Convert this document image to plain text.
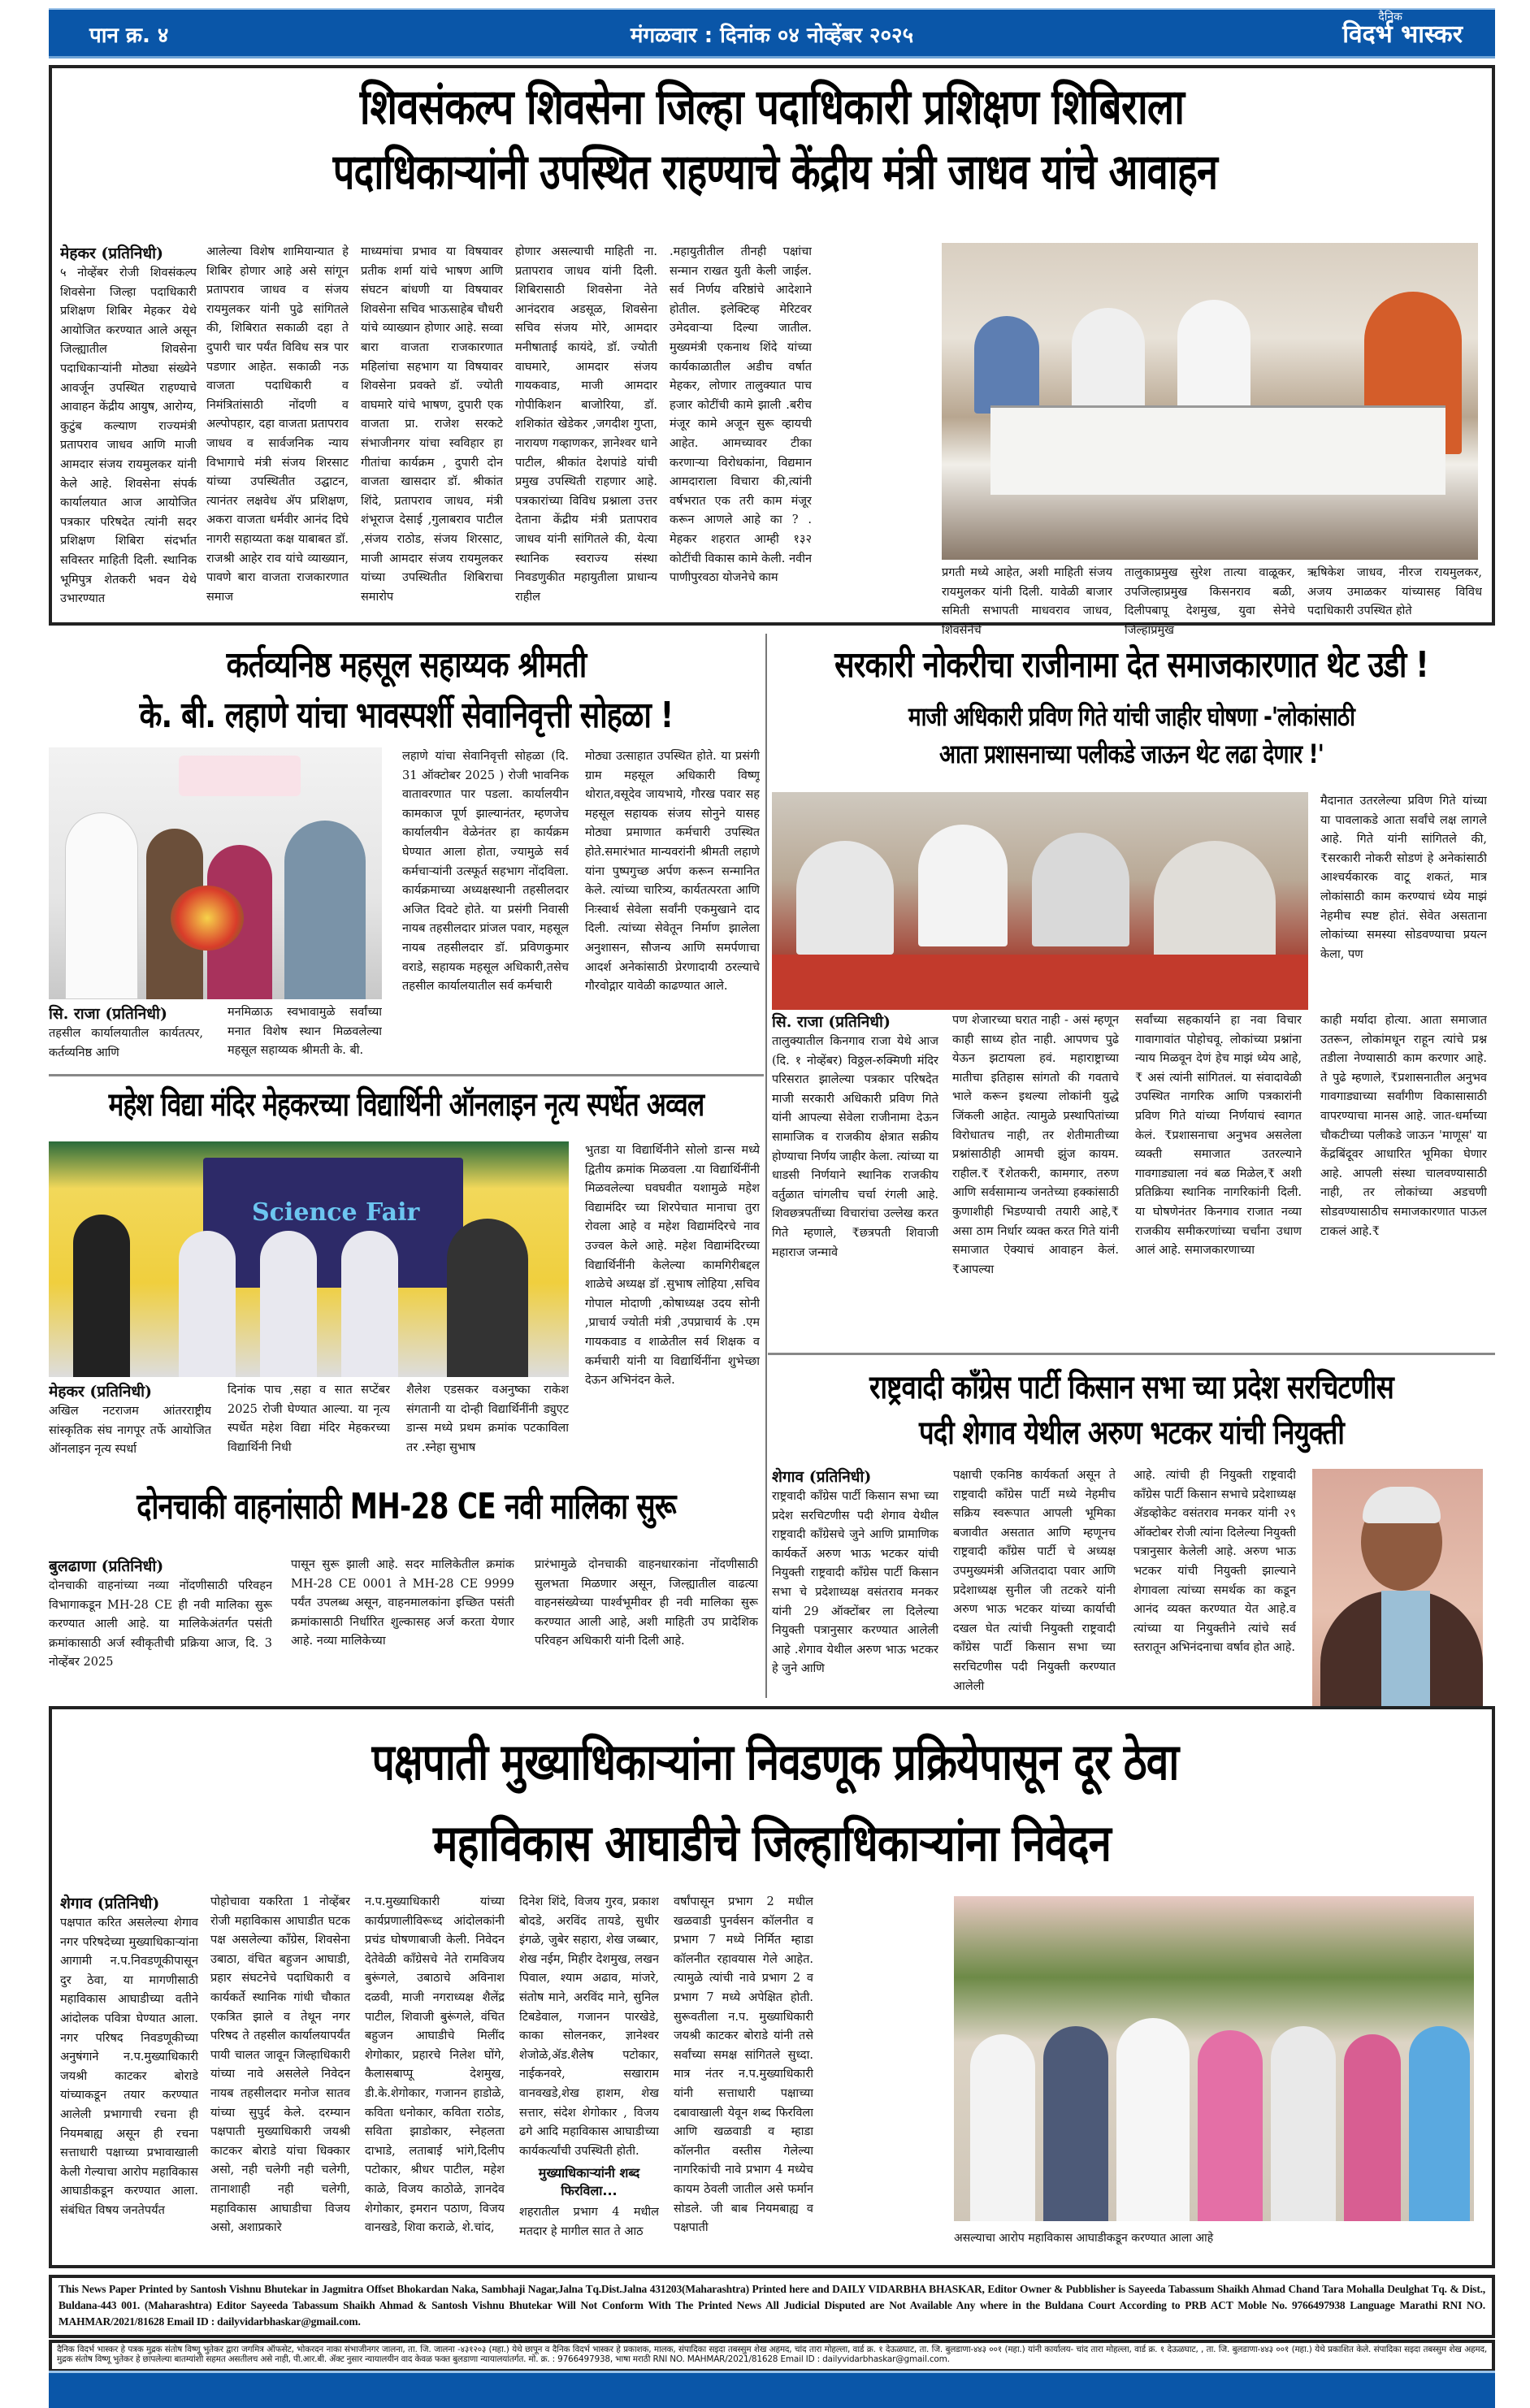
पान क्र. ४	मंगळवार : दिनांक ०४ नोव्हेंबर २०२५
दैनिक
विदर्भ भास्कर
शिवसंकल्प शिवसेना जिल्हा पदाधिकारी प्रशिक्षण शिबिराला
पदाधिकाऱ्यांनी उपस्थित राहण्याचे केंद्रीय मंत्री जाधव यांचे आवाहन
मेहकर (प्रतिनिधी)
५ नोव्हेंबर रोजी शिवसंकल्प शिवसेना जिल्हा पदाधिकारी प्रशिक्षण शिबिर मेहकर येथे आयोजित करण्यात आले असून जिल्ह्यातील शिवसेना पदाधिकाऱ्यांनी मोठ्या संख्येने आवर्जून उपस्थित राहण्याचे आवाहन केंद्रीय आयुष, आरोग्य, कुटुंब कल्याण राज्यमंत्री प्रतापराव जाधव आणि माजी आमदार संजय रायमुलकर यांनी केले आहे. शिवसेना संपर्क कार्यालयात आज आयोजित पत्रकार परिषदेत त्यांनी सदर प्रशिक्षण शिबिरा संदर्भात सविस्तर माहिती दिली. स्थानिक भूमिपुत्र शेतकरी भवन येथे उभारण्यात
आलेल्या विशेष शामियान्यात हे शिबिर होणार आहे असे सांगून प्रतापराव जाधव व संजय रायमुलकर यांनी पुढे सांगितले की, शिबिरात सकाळी दहा ते दुपारी चार पर्यंत विविध सत्र पार पडणार आहेत. सकाळी नऊ वाजता पदाधिकारी व निमंत्रितांसाठी नोंदणी व अल्पोपहार, दहा वाजता प्रतापराव जाधव व सार्वजनिक न्याय विभागाचे मंत्री संजय शिरसाट यांच्या उपस्थितीत उद्घाटन, त्यानंतर लक्षवेध ॲप प्रशिक्षण, अकरा वाजता धर्मवीर आनंद दिघे नागरी सहाय्यता कक्ष याबाबत डॉ. राजश्री आहेर राव यांचे व्याख्यान, पावणे बारा वाजता राजकारणात समाज
माध्यमांचा प्रभाव या विषयावर प्रतीक शर्मा यांचे भाषण आणि संघटन बांधणी या विषयावर शिवसेना सचिव भाऊसाहेब चौधरी यांचे व्याख्यान होणार आहे. सव्वा बारा वाजता राजकारणात महिलांचा सहभाग या विषयावर शिवसेना प्रवक्ते डॉ. ज्योती वाघमारे यांचे भाषण, दुपारी एक वाजता प्रा. राजेश सरकटे संभाजीनगर यांचा स्वविहार हा गीतांचा कार्यक्रम , दुपारी दोन वाजता खासदार डॉ. श्रीकांत शिंदे, प्रतापराव जाधव, मंत्री शंभूराज देसाई ,गुलाबराव पाटील ,संजय राठोड, संजय शिरसाट, माजी आमदार संजय रायमुलकर यांच्या उपस्थितीत शिबिराचा समारोप
होणार असल्याची माहिती ना. प्रतापराव जाधव यांनी दिली. शिबिरासाठी शिवसेना नेते आनंदराव अडसूळ, शिवसेना सचिव संजय मोरे, आमदार मनीषाताई कायंदे, डॉ. ज्योती वाघमारे, आमदार संजय गायकवाड, माजी आमदार गोपीकिशन बाजोरिया, डॉ. शशिकांत खेडेकर ,जगदीश गुप्ता, नारायण गव्हाणकर, ज्ञानेश्वर धाने पाटील, श्रीकांत देशपांडे यांची प्रमुख उपस्थिती राहणार आहे. पत्रकारांच्या विविध प्रश्नाला उत्तर देताना केंद्रीय मंत्री प्रतापराव जाधव यांनी सांगितले की, येत्या स्थानिक स्वराज्य संस्था निवडणुकीत महायुतीला प्राधान्य राहील
.महायुतीतील तीनही पक्षांचा सन्मान राखत युती केली जाईल. सर्व निर्णय वरिष्ठांचे आदेशाने होतील. इलेक्टिव्ह मेरिटवर उमेदवाऱ्या दिल्या जातील. मुख्यमंत्री एकनाथ शिंदे यांच्या कार्यकाळातील अडीच वर्षात मेहकर, लोणार तालुक्यात पाच हजार कोटींची कामे झाली .बरीच मंजूर कामे अजून सुरू व्हायची आहेत. आमच्यावर टीका करणाऱ्या विरोधकांना, विद्यमान आमदाराला विचारा की,त्यांनी वर्षभरात एक तरी काम मंजूर करून आणले आहे का ? . मेहकर शहरात आम्ही १३२ कोटींची विकास कामे केली. नवीन पाणीपुरवठा योजनेचे काम	प्रगती मध्ये आहेत, अशी माहिती संजय रायमुलकर यांनी दिली. यावेळी बाजार समिती सभापती माधवराव जाधव, शिवसेनेचे
तालुकाप्रमुख सुरेश तात्या वाळूकर, उपजिल्हाप्रमुख किसनराव बळी, दिलीपबापू देशमुख, युवा सेनेचे जिल्हाप्रमुख
ऋषिकेश जाधव, नीरज रायमुलकर, अजय उमाळकर यांच्यासह विविध पदाधिकारी उपस्थित होते
कर्तव्यनिष्ठ महसूल सहाय्यक श्रीमती
के. बी. लहाणे यांचा भावस्पर्शी सेवानिवृत्ती सोहळा !
सि. राजा (प्रतिनिधी)
तहसील कार्यालयातील कार्यतत्पर, कर्तव्यनिष्ठ आणि
मनमिळाऊ स्वभावामुळे सर्वांच्या मनात विशेष स्थान मिळवलेल्या महसूल सहाय्यक श्रीमती के. बी.
लहाणे यांचा सेवानिवृत्ती सोहळा (दि. 31 ऑक्टोबर 2025 ) रोजी भावनिक वातावरणात पार पडला. कार्यालयीन कामकाज पूर्ण झाल्यानंतर, म्हणजेच कार्यालयीन वेळेनंतर हा कार्यक्रम घेण्यात आला होता, ज्यामुळे सर्व कर्मचाऱ्यांनी उत्स्फूर्त सहभाग नोंदविला. कार्यक्रमाच्या अध्यक्षस्थानी तहसीलदार अजित दिवटे होते. या प्रसंगी निवासी नायब तहसीलदार प्रांजल पवार, महसूल नायब तहसीलदार डॉ. प्रविणकुमार वराडे, सहायक महसूल अधिकारी,तसेच तहसील कार्यालयातील सर्व कर्मचारी
मोठ्या उत्साहात उपस्थित होते. या प्रसंगी ग्राम महसूल अधिकारी विष्णू थोरात,वसूदेव जायभाये, गौरख पवार सह महसूल सहायक संजय सोनुने यासह मोठ्या प्रमाणात कर्मचारी उपस्थित होते.समारंभात मान्यवरांनी श्रीमती लहाणे यांना पुष्पगुच्छ अर्पण करून सन्मानित केले. त्यांच्या चारित्र्य, कार्यतत्परता आणि निःस्वार्थ सेवेला सर्वांनी एकमुखाने दाद दिली. त्यांच्या सेवेतून निर्माण झालेला अनुशासन, सौजन्य आणि समर्पणाचा आदर्श अनेकांसाठी प्रेरणादायी ठरल्याचे गौरवोद्गार यावेळी काढण्यात आले.
सरकारी नोकरीचा राजीनामा देत समाजकारणात थेट उडी !
माजी अधिकारी प्रविण गिते यांची जाहीर घोषणा -'लोकांसाठी
आता प्रशासनाच्या पलीकडे जाऊन थेट लढा देणार !'
मैदानात उतरलेल्या प्रविण गिते यांच्या या पावलाकडे आता सर्वांचे लक्ष लागले आहे. गिते यांनी सांगितले की, ₹सरकारी नोकरी सोडणं हे अनेकांसाठी आश्चर्यकारक वाटू शकतं, मात्र लोकांसाठी काम करण्याचं ध्येय माझं नेहमीच स्पष्ट होतं. सेवेत असताना लोकांच्या समस्या सोडवण्याचा प्रयत्न केला, पण
सि. राजा (प्रतिनिधी)
तालुक्यातील किनगाव राजा येथे आज (दि. १ नोव्हेंबर) विठ्ठल-रुक्मिणी मंदिर परिसरात झालेल्या पत्रकार परिषदेत माजी सरकारी अधिकारी प्रविण गिते यांनी आपल्या सेवेला राजीनामा देऊन सामाजिक व राजकीय क्षेत्रात सक्रीय होण्याचा निर्णय जाहीर केला. त्यांच्या या धाडसी निर्णयाने स्थानिक राजकीय वर्तुळात चांगलीच चर्चा रंगली आहे. शिवछत्रपतींच्या विचारांचा उल्लेख करत गिते म्हणाले, ₹छत्रपती शिवाजी महाराज जन्मावे
पण शेजारच्या घरात नाही - असं म्हणून काही साध्य होत नाही. आपणच पुढे येऊन झटायला हवं. महाराष्ट्राच्या मातीचा इतिहास सांगतो की गवताचे भाले करून इथल्या लोकांनी युद्धे जिंकली आहेत. त्यामुळे प्रस्थापितांच्या विरोधातच नाही, तर शेतीमातीच्या प्रश्नांसाठीही आमची झुंज कायम. राहील.₹ ₹शेतकरी, कामगार, तरुण आणि सर्वसामान्य जनतेच्या हक्कांसाठी कुणाशीही भिडण्याची तयारी आहे,₹ असा ठाम निर्धार व्यक्त करत गिते यांनी समाजात ऐक्याचं आवाहन केलं. ₹आपल्या
सर्वांच्या सहकार्याने हा नवा विचार गावागावांत पोहोचवू. लोकांच्या प्रश्नांना न्याय मिळवून देणं हेच माझं ध्येय आहे,₹ असं त्यांनी सांगितलं. या संवादावेळी उपस्थित नागरिक आणि पत्रकारांनी प्रविण गिते यांच्या निर्णयाचं स्वागत केलं. ₹प्रशासनाचा अनुभव असलेला व्यक्ती समाजात उतरल्याने गावगाड्याला नवं बळ मिळेल,₹ अशी प्रतिक्रिया स्थानिक नागरिकांनी दिली. या घोषणेनंतर किनगाव राजात नव्या राजकीय समीकरणांच्या चर्चांना उधाण आलं आहे. समाजकारणाच्या
काही मर्यादा होत्या. आता समाजात उतरून, लोकांमधून राहून त्यांचे प्रश्न तडीला नेण्यासाठी काम करणार आहे. ते पुढे म्हणाले, ₹प्रशासनातील अनुभव गावगाड्याच्या सर्वांगीण विकासासाठी वापरण्याचा मानस आहे. जात-धर्माच्या चौकटीच्या पलीकडे जाऊन 'माणूस' या केंद्रबिंदूवर आधारित भूमिका घेणार आहे. आपली संस्था चालवण्यासाठी नाही, तर लोकांच्या अडचणी सोडवण्यासाठीच समाजकारणात पाऊल टाकलं आहे.₹
महेश विद्या मंदिर मेहकरच्या विद्यार्थिनी ऑनलाइन नृत्य स्पर्धेत अव्वल
Science Fair
भुतडा या विद्यार्थिनीने सोलो डान्स मध्ये द्वितीय क्रमांक मिळवला .या विद्यार्थिनींनी मिळवलेल्या घवघवीत यशामुळे महेश विद्यामंदिर च्या शिरपेचात मानाचा तुरा रोवला आहे व महेश विद्यामंदिरचे नाव उज्वल केले आहे. महेश विद्यामंदिरच्या विद्यार्थिनींनी केलेल्या कामगिरीबद्दल शाळेचे अध्यक्ष डॉ .सुभाष लोहिया ,सचिव गोपाल मोदाणी ,कोषाध्यक्ष उदय सोनी ,प्राचार्य ज्योती मंत्री ,उपप्राचार्य के .एम गायकवाड व शाळेतील सर्व शिक्षक व कर्मचारी यांनी या विद्यार्थिनींना शुभेच्छा देऊन अभिनंदन केले.
मेहकर (प्रतिनिधी)
अखिल नटराजम आंतरराष्ट्रीय सांस्कृतिक संघ नागपूर तर्फे आयोजित ऑनलाइन नृत्य स्पर्धा
दिनांक पाच ,सहा व सात सप्टेंबर 2025 रोजी घेण्यात आल्या. या नृत्य स्पर्धेत महेश विद्या मंदिर मेहकरच्या विद्यार्थिनी निधी
शैलेश एडसकर वअनुष्का राकेश संगतानी या दोन्ही विद्यार्थिनींनी ड्युएट डान्स मध्ये प्रथम क्रमांक पटकाविला तर .स्नेहा सुभाष
दोनचाकी वाहनांसाठी MH-28 CE नवी मालिका सुरू
बुलढाणा (प्रतिनिधी)
दोनचाकी वाहनांच्या नव्या नोंदणीसाठी परिवहन विभागाकडून MH-28 CE ही नवी मालिका सुरू करण्यात आली आहे. या मालिकेअंतर्गत पसंती क्रमांकासाठी अर्ज स्वीकृतीची प्रक्रिया आज, दि. 3 नोव्हेंबर 2025
पासून सुरू झाली आहे. सदर मालिकेतील क्रमांक MH-28 CE 0001 ते MH-28 CE 9999 पर्यंत उपलब्ध असून, वाहनमालकांना इच्छित पसंती क्रमांकासाठी निर्धारित शुल्कासह अर्ज करता येणार आहे. नव्या मालिकेच्या
प्रारंभामुळे दोनचाकी वाहनधारकांना नोंदणीसाठी सुलभता मिळणार असून, जिल्ह्यातील वाढत्या वाहनसंख्येच्या पार्श्वभूमीवर ही नवी मालिका सुरू करण्यात आली आहे, अशी माहिती उप प्रादेशिक परिवहन अधिकारी यांनी दिली आहे.
राष्ट्रवादी कॉंग्रेस पार्टी किसान सभा च्या प्रदेश सरचिटणीस
पदी शेगाव येथील अरुण भटकर यांची नियुक्ती
शेगाव (प्रतिनिधी)
राष्ट्रवादी कॉंग्रेस पार्टी किसान सभा च्या प्रदेश सरचिटणीस पदी शेगाव येथील राष्ट्रवादी कॉंग्रेसचे जुने आणि प्रामाणिक कार्यकर्ते अरुण भाऊ भटकर यांची नियुक्ती राष्ट्रवादी कॉंग्रेस पार्टी किसान सभा चे प्रदेशाध्यक्ष वसंतराव मनकर यांनी 29 ऑक्टोंबर ला दिलेल्या नियुक्ती पत्रानुसार करण्यात आलेली आहे .शेगाव येथील अरुण भाऊ भटकर हे जुने आणि
पक्षाची एकनिष्ठ कार्यकर्ता असून ते राष्ट्रवादी कॉंग्रेस पार्टी मध्ये नेहमीच सक्रिय स्वरूपात आपली भूमिका बजावीत असतात आणि म्हणूनच राष्ट्रवादी कॉंग्रेस पार्टी चे अध्यक्ष उपमुख्यमंत्री अजितदादा पवार आणि प्रदेशाध्यक्ष सुनील जी तटकरे यांनी अरुण भाऊ भटकर यांच्या कार्याची दखल घेत त्यांची नियुक्ती राष्ट्रवादी कॉंग्रेस पार्टी किसान सभा च्या सरचिटणीस पदी नियुक्ती करण्यात आलेली
आहे. त्यांची ही नियुक्ती राष्ट्रवादी कॉंग्रेस पार्टी किसान सभाचे प्रदेशाध्यक्ष ॲडव्होकेट वसंतराव मनकर यांनी २९ ऑक्टोबर रोजी त्यांना दिलेल्या नियुक्ती पत्रानुसार केलेली आहे. अरुण भाऊ भटकर यांची नियुक्ती झाल्याने शेगावला त्यांच्या समर्थक का कडून आनंद व्यक्त करण्यात येत आहे.व त्यांच्या या नियुक्तीने त्यांचे सर्व स्तरातून अभिनंदनाचा वर्षाव होत आहे.
पक्षपाती मुख्याधिकाऱ्यांना निवडणूक प्रक्रियेपासून दूर ठेवा
महाविकास आघाडीचे जिल्हाधिकाऱ्यांना निवेदन
शेगाव (प्रतिनिधी)
पक्षपात करित असलेल्या शेगाव नगर परिषदेच्या मुख्याधिकाऱ्यांना आगामी न.प.निवडणूकीपासून दुर ठेवा, या मागणीसाठी महाविकास आघाडीच्या वतीने आंदोलक पवित्रा घेण्यात आला. नगर परिषद निवडणूकीच्या अनुषंगाने न.प.मुख्याधिकारी जयश्री काटकर बोराडे यांच्याकडून तयार करण्यात आलेली प्रभागाची रचना ही नियमबाह्य असून ही रचना सत्ताधारी पक्षाच्या प्रभावाखाली केली गेल्याचा आरोप महाविकास आघाडीकडून करण्यात आला. संबंधित विषय जनतेपर्यंत
पोहोचावा यकरिता 1 नोव्हेंबर रोजी महाविकास आघाडीत घटक पक्ष असलेल्या कॉंग्रेस, शिवसेना उबाठा, वंचित बहुजन आघाडी, प्रहार संघटनेचे पदाधिकारी व कार्यकर्ते स्थानिक गांधी चौकात एकत्रित झाले व तेथून नगर परिषद ते तहसील कार्यालयापर्यंत पायी चालत जावून जिल्हाधिकारी यांच्या नावे असलेले निवेदन नायब तहसीलदार मनोज सातव यांच्या सुपुर्द केले. दरम्यान पक्षपाती मुख्याधिकारी जयश्री काटकर बोराडे यांचा धिक्कार असो, नही चलेगी नही चलेगी, तानाशाही नही चलेगी, महाविकास आघाडीचा विजय असो, अशाप्रकारे
न.प.मुख्याधिकारी यांच्या कार्यप्रणालीविरूध्द आंदोलकांनी प्रचंड घोषणाबाजी केली. निवेदन देतेवेळी कॉंग्रेसचे नेते रामविजय बुरूंगले, उबाठाचे अविनाश दळवी, माजी नगराध्यक्ष शैलेंद्र पाटील, शिवाजी बुरूंगले, वंचित बहुजन आघाडीचे मिलींद शेगोकार, प्रहारचे निलेश घोंगे, कैलासबाप्पू देशमुख, डी.के.शेगोकार, गजानन हाडोळे, कविता धनोकार, कविता राठोड, सविता झाडोकार, स्नेहलता दाभाडे, लताबाई भांगे,दिलीप पटोकार, श्रीधर पाटील, महेश काळे, विजय काठोळे, ज्ञानदेव शेगोकार, इमरान पठाण, विजय वानखडे, शिवा कराळे, शे.चांद,
दिनेश शिंदे, विजय गुरव, प्रकाश बोदडे, अरविंद तायडे, सुधीर इंगळे, जुबेर सहारा, शेख जब्बार, शेख नईम, मिहीर देशमुख, लखन पिवाल, श्याम अढाव, मांजरे, संतोष माने, अरविंद माने, सुनिल टिबडेवाल, गजानन पारखेडे, काका सोलनकर, ज्ञानेश्वर शेजोळे,ॲड.शैलेष पटोकार, नाईकनवरे, सखाराम वानवखडे,शेख हाशम, शेख सत्तार, संदेश शेगोकार , विजय ढगे आदि महाविकास आघाडीच्या कार्यकर्त्यांची उपस्थिती होती.
मुख्याधिकाऱ्यांनी शब्द फिरविला...
शहरातील प्रभाग 4 मधील मतदार हे मागील सात ते आठ
वर्षांपासून प्रभाग 2 मधील खळवाडी पुनर्वसन कॉलनीत व प्रभाग 7 मध्ये निर्मित म्हाडा कॉलनीत रहावयास गेले आहेत. त्यामुळे त्यांची नावे प्रभाग 2 व प्रभाग 7 मध्ये अपेक्षित होती. सुरूवतीला न.प. मुख्याधिकारी जयश्री काटकर बोराडे यांनी तसे सर्वांच्या समक्ष सांगितले सुध्दा. मात्र नंतर न.प.मुख्याधिकारी यांनी सत्ताधारी पक्षाच्या दबावाखाली येवून शब्द फिरविला आणि खळवाडी व म्हाडा कॉलनीत वस्तीस गेलेल्या नागरिकांची नावे प्रभाग 4 मध्येच कायम ठेवली जातील असे फर्मान सोडले. जी बाब नियमबाह्य व पक्षपाती
असल्याचा आरोप महाविकास आघाडीकडून करण्यात आला आहे
This News Paper Printed by Santosh Vishnu Bhutekar in Jagmitra Offset Bhokardan Naka, Sambhaji Nagar,Jalna Tq.Dist.Jalna 431203(Maharashtra) Printed here and DAILY VIDARBHA BHASKAR, Editor Owner & Pubblisher is Sayeeda Tabassum Shaikh Ahmad Chand Tara Mohalla Deulghat Tq. & Dist., Buldana-443 001. (Maharashtra) Editor Sayeeda Tabassum Shaikh Ahmad & Santosh Vishnu Bhutekar Will Not Conform With The Printed News All Judicial Disputed are Not Available Any where in the Buldana Court According to PRB ACT Moble No. 9766497938 Language Marathi RNI NO. MAHMAR/2021/81628 Email ID : dailyvidarbhaskar@gmail.com.
दैनिक विदर्भ भास्कर हे पत्रक मुद्रक संतोष विष्णू भुतेकर द्वारा जगमित्र ऑफसेट, भोकरदन नाका संभाजीनगर जालना, ता. जि. जालना -४३१२०३ (महा.) येथे छापून व दैनिक विदर्भ भास्कर हे प्रकाशक, मालक, संपादिका सइदा तबस्सुम शेख अहमद, चांद तारा मोहल्ला, वार्ड क्र. १ देऊळघाट, ता. जि. बुलडाणा-४४३ ००१ (महा.) यांनी कार्यालय- चांद तारा मोहल्ला, वार्ड क्र. १ देऊळघाट, , ता. जि. बुलडाणा-४४३ ००१ (महा.) येथे प्रकाशित केले. संपादिका सइदा तबस्सुम शेख अहमद, मुद्रक संतोष विष्णू भुतेकर हे छापलेल्या बातम्यांशी सहमत असतीलच असे नाही, पी.आर.बी. ॲक्ट नुसार न्यायालयीन वाद केवळ फक्त बुलडाणा न्यायालयांतर्गत. मो. क्र. : 9766497938, भाषा मराठी RNI NO. MAHMAR/2021/81628 Email ID : dailyvidarbhaskar@gmail.com.
